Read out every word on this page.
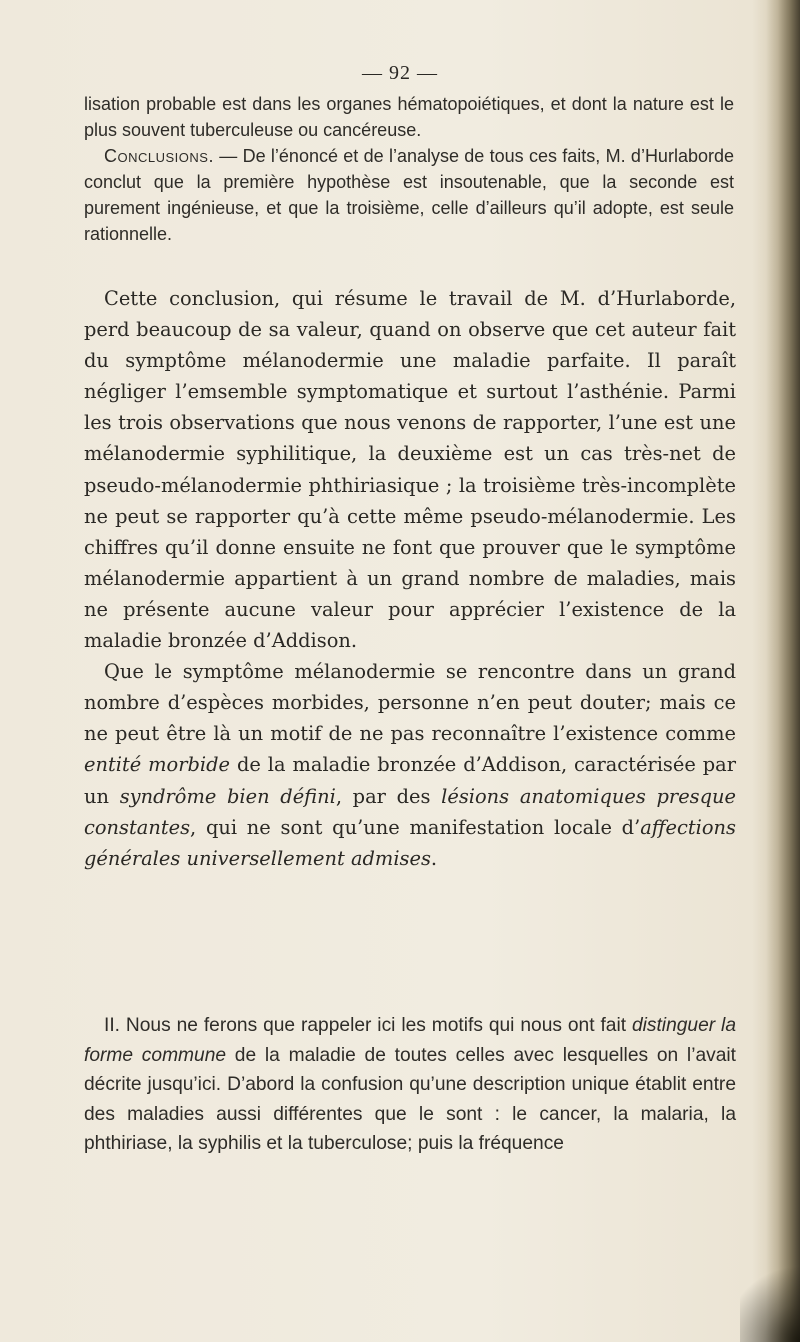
— 92 —

lisation probable est dans les organes hématopoiétiques, et dont la nature est le plus souvent tuberculeuse ou cancéreuse.

Conclusions. — De l’énoncé et de l’analyse de tous ces faits, M. d’Hurlaborde conclut que la première hypothèse est insoutenable, que la seconde est purement ingénieuse, et que la troisième, celle d’ailleurs qu’il adopte, est seule rationnelle.

Cette conclusion, qui résume le travail de M. d’Hurlaborde, perd beaucoup de sa valeur, quand on observe que cet auteur fait du symptôme mélanodermie une maladie parfaite. Il paraît négliger l’emsemble symptomatique et surtout l’asthénie. Parmi les trois observations que nous venons de rapporter, l’une est une mélanodermie syphilitique, la deuxième est un cas très-net de pseudo-mélanodermie phthiriasique ; la troisième très-incomplète ne peut se rapporter qu’à cette même pseudo-mélanodermie. Les chiffres qu’il donne ensuite ne font que prouver que le symptôme mélanodermie appartient à un grand nombre de maladies, mais ne présente aucune valeur pour apprécier l’existence de la maladie bronzée d’Addison.

Que le symptôme mélanodermie se rencontre dans un grand nombre d’espèces morbides, personne n’en peut douter; mais ce ne peut être là un motif de ne pas reconnaître l’existence comme entité morbide de la maladie bronzée d’Addison, caractérisée par un syndrôme bien défini, par des lésions anatomiques presque constantes, qui ne sont qu’une manifestation locale d’affections générales universellement admises.

II. Nous ne ferons que rappeler ici les motifs qui nous ont fait distinguer la forme commune de la maladie de toutes celles avec lesquelles on l’avait décrite jusqu’ici. D’abord la confusion qu’une description unique établit entre des maladies aussi différentes que le sont : le cancer, la malaria, la phthiriase, la syphilis et la tuberculose; puis la fréquence
